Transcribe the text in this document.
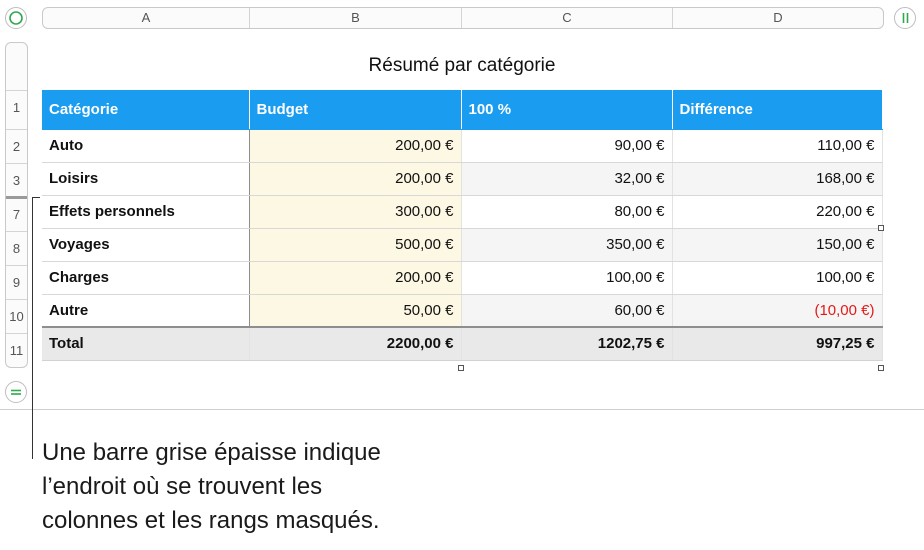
A	B	C	D
1
2
3
7
8
9
10
11
Résumé par catégorie
Catégorie	Budget	100 %	Différence
Auto	200,00 €	90,00 €	110,00 €
Loisirs	200,00 €	32,00 €	168,00 €
Effets personnels	300,00 €	80,00 €	220,00 €
Voyages	500,00 €	350,00 €	150,00 €
Charges	200,00 €	100,00 €	100,00 €
Autre	50,00 €	60,00 €	(10,00 €)
Total	2200,00 €	1202,75 €	997,25 €
Une barre grise épaisse indique
l’endroit où se trouvent les
colonnes et les rangs masqués.
